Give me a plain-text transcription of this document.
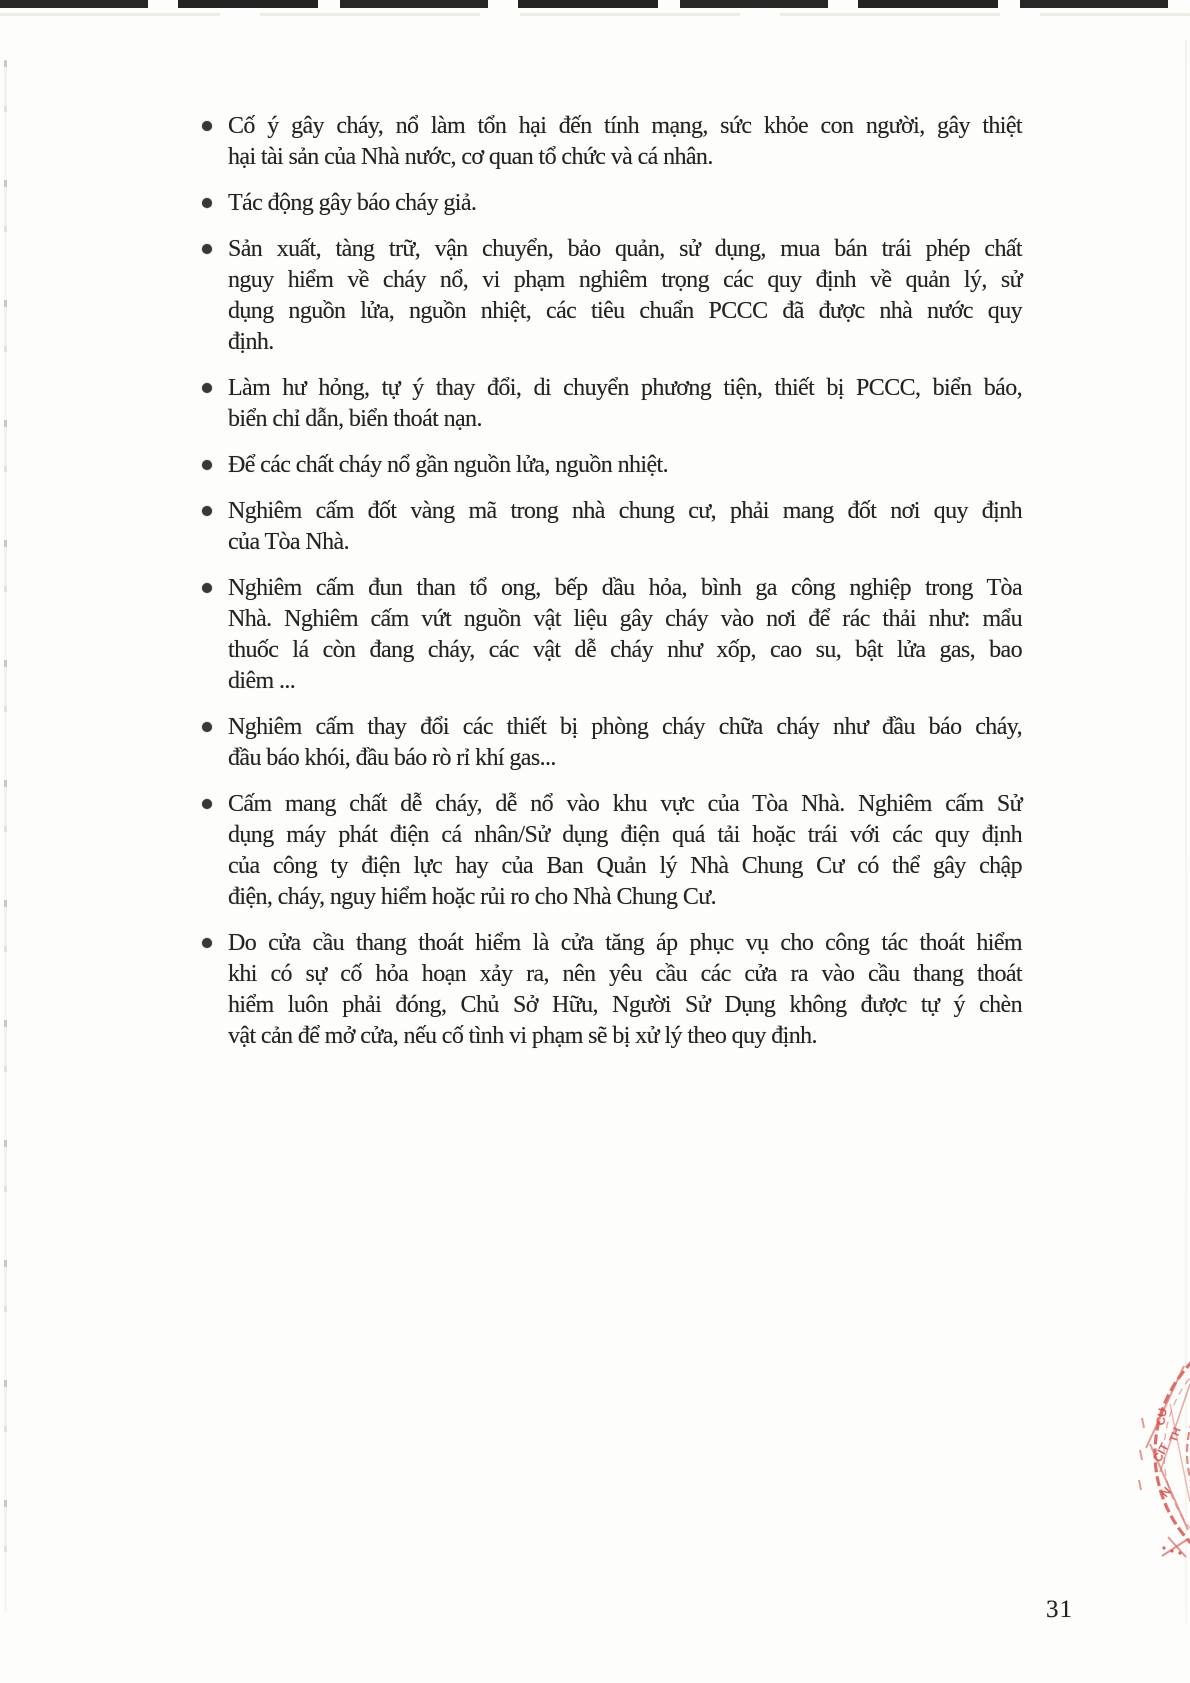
Cố ý gây cháy, nổ làm tổn hại đến tính mạng, sức khỏe con người, gây thiệt
hại tài sản của Nhà nước, cơ quan tổ chức và cá nhân.
Tác động gây báo cháy giả.
Sản xuất, tàng trữ, vận chuyển, bảo quản, sử dụng, mua bán trái phép chất
nguy hiểm về cháy nổ, vi phạm nghiêm trọng các quy định về quản lý, sử
dụng nguồn lửa, nguồn nhiệt, các tiêu chuẩn PCCC đã được nhà nước quy
định.
Làm hư hỏng, tự ý thay đổi, di chuyển phương tiện, thiết bị PCCC, biển báo,
biển chỉ dẫn, biển thoát nạn.
Để các chất cháy nổ gần nguồn lửa, nguồn nhiệt.
Nghiêm cấm đốt vàng mã trong nhà chung cư, phải mang đốt nơi quy định
của Tòa Nhà.
Nghiêm cấm đun than tổ ong, bếp dầu hỏa, bình ga công nghiệp trong Tòa
Nhà. Nghiêm cấm vứt nguồn vật liệu gây cháy vào nơi để rác thải như: mẩu
thuốc lá còn đang cháy, các vật dễ cháy như xốp, cao su, bật lửa gas, bao
diêm ...
Nghiêm cấm thay đổi các thiết bị phòng cháy chữa cháy như đầu báo cháy,
đầu báo khói, đầu báo rò rỉ khí gas...
Cấm mang chất dễ cháy, dễ nổ vào khu vực của Tòa Nhà. Nghiêm cấm Sử
dụng máy phát điện cá nhân/Sử dụng điện quá tải hoặc trái với các quy định
của công ty điện lực hay của Ban Quản lý Nhà Chung Cư có thể gây chập
điện, cháy, nguy hiểm hoặc rủi ro cho Nhà Chung Cư.
Do cửa cầu thang thoát hiểm là cửa tăng áp phục vụ cho công tác thoát hiểm
khi có sự cố hỏa hoạn xảy ra, nên yêu cầu các cửa ra vào cầu thang thoát
hiểm luôn phải đóng, Chủ Sở Hữu, Người Sử Dụng không được tự ý chèn
vật cản để mở cửa, nếu cố tình vi phạm sẽ bị xử lý theo quy định.
CU
TH
CIT
N
31
